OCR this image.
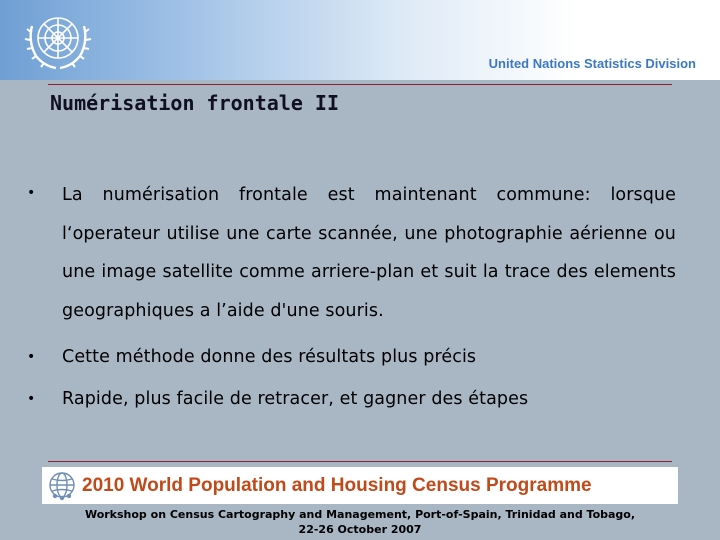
United Nations Statistics Division
Numérisation frontale II
•	La numérisation frontale est maintenant commune: lorsque l‘operateur utilise une carte scannée, une photographie aérienne ou une image satellite comme arriere-plan et suit la trace des elements geographiques a l’aide d'une souris.
•	Cette méthode donne des résultats plus précis
•	Rapide, plus facile de retracer, et gagner des étapes
2010 World Population and Housing Census Programme
Workshop on Census Cartography and Management, Port-of-Spain, Trinidad and Tobago,
22-26 October 2007
